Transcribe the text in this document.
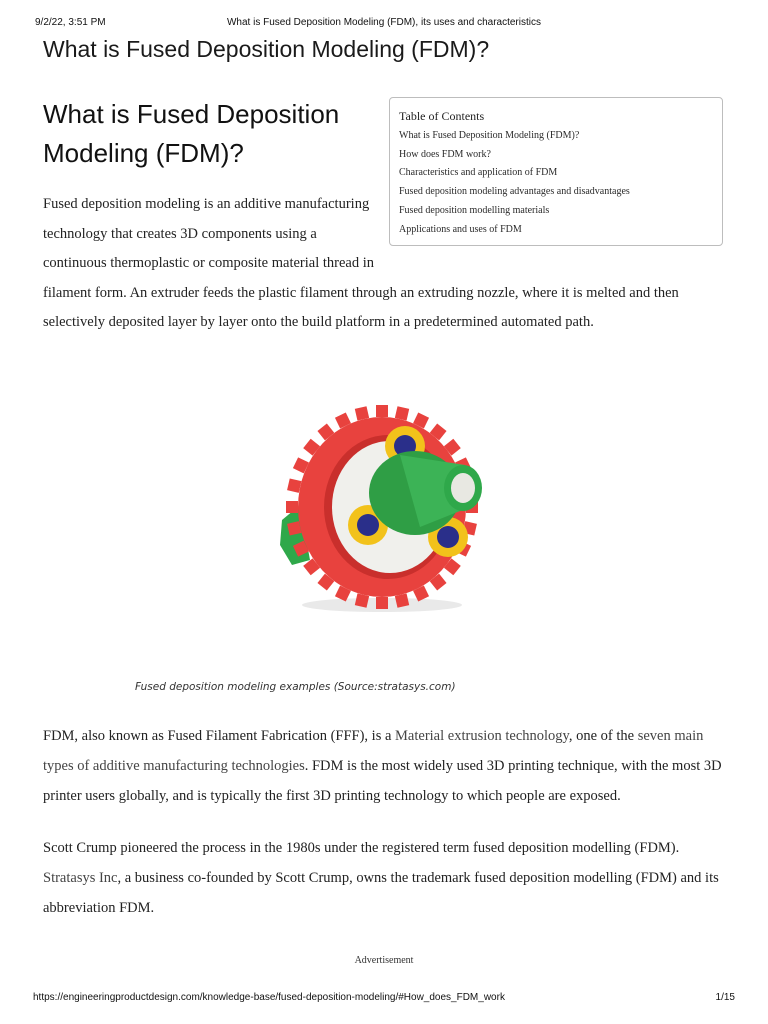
9/2/22, 3:51 PM	What is Fused Deposition Modeling (FDM), its uses and characteristics
What is Fused Deposition Modeling (FDM)?
What is Fused Deposition Modeling (FDM)?
Table of Contents
What is Fused Deposition Modeling (FDM)?
How does FDM work?
Characteristics and application of FDM
Fused deposition modeling advantages and disadvantages
Fused deposition modelling materials
Applications and uses of FDM

Fused deposition modeling is an additive manufacturing technology that creates 3D components using a continuous thermoplastic or composite material thread in filament form. An extruder feeds the plastic filament through an extruding nozzle, where it is melted and then selectively deposited layer by layer onto the build platform in a predetermined automated path.

Fused deposition modeling examples (Source:stratasys.com)

FDM, also known as Fused Filament Fabrication (FFF), is a Material extrusion technology, one of the seven main types of additive manufacturing technologies. FDM is the most widely used 3D printing technique, with the most 3D printer users globally, and is typically the first 3D printing technology to which people are exposed.

Scott Crump pioneered the process in the 1980s under the registered term fused deposition modelling (FDM). Stratasys Inc, a business co-founded by Scott Crump, owns the trademark fused deposition modelling (FDM) and its abbreviation FDM.

Advertisement
https://engineeringproductdesign.com/knowledge-base/fused-deposition-modeling/#How_does_FDM_work	1/15
